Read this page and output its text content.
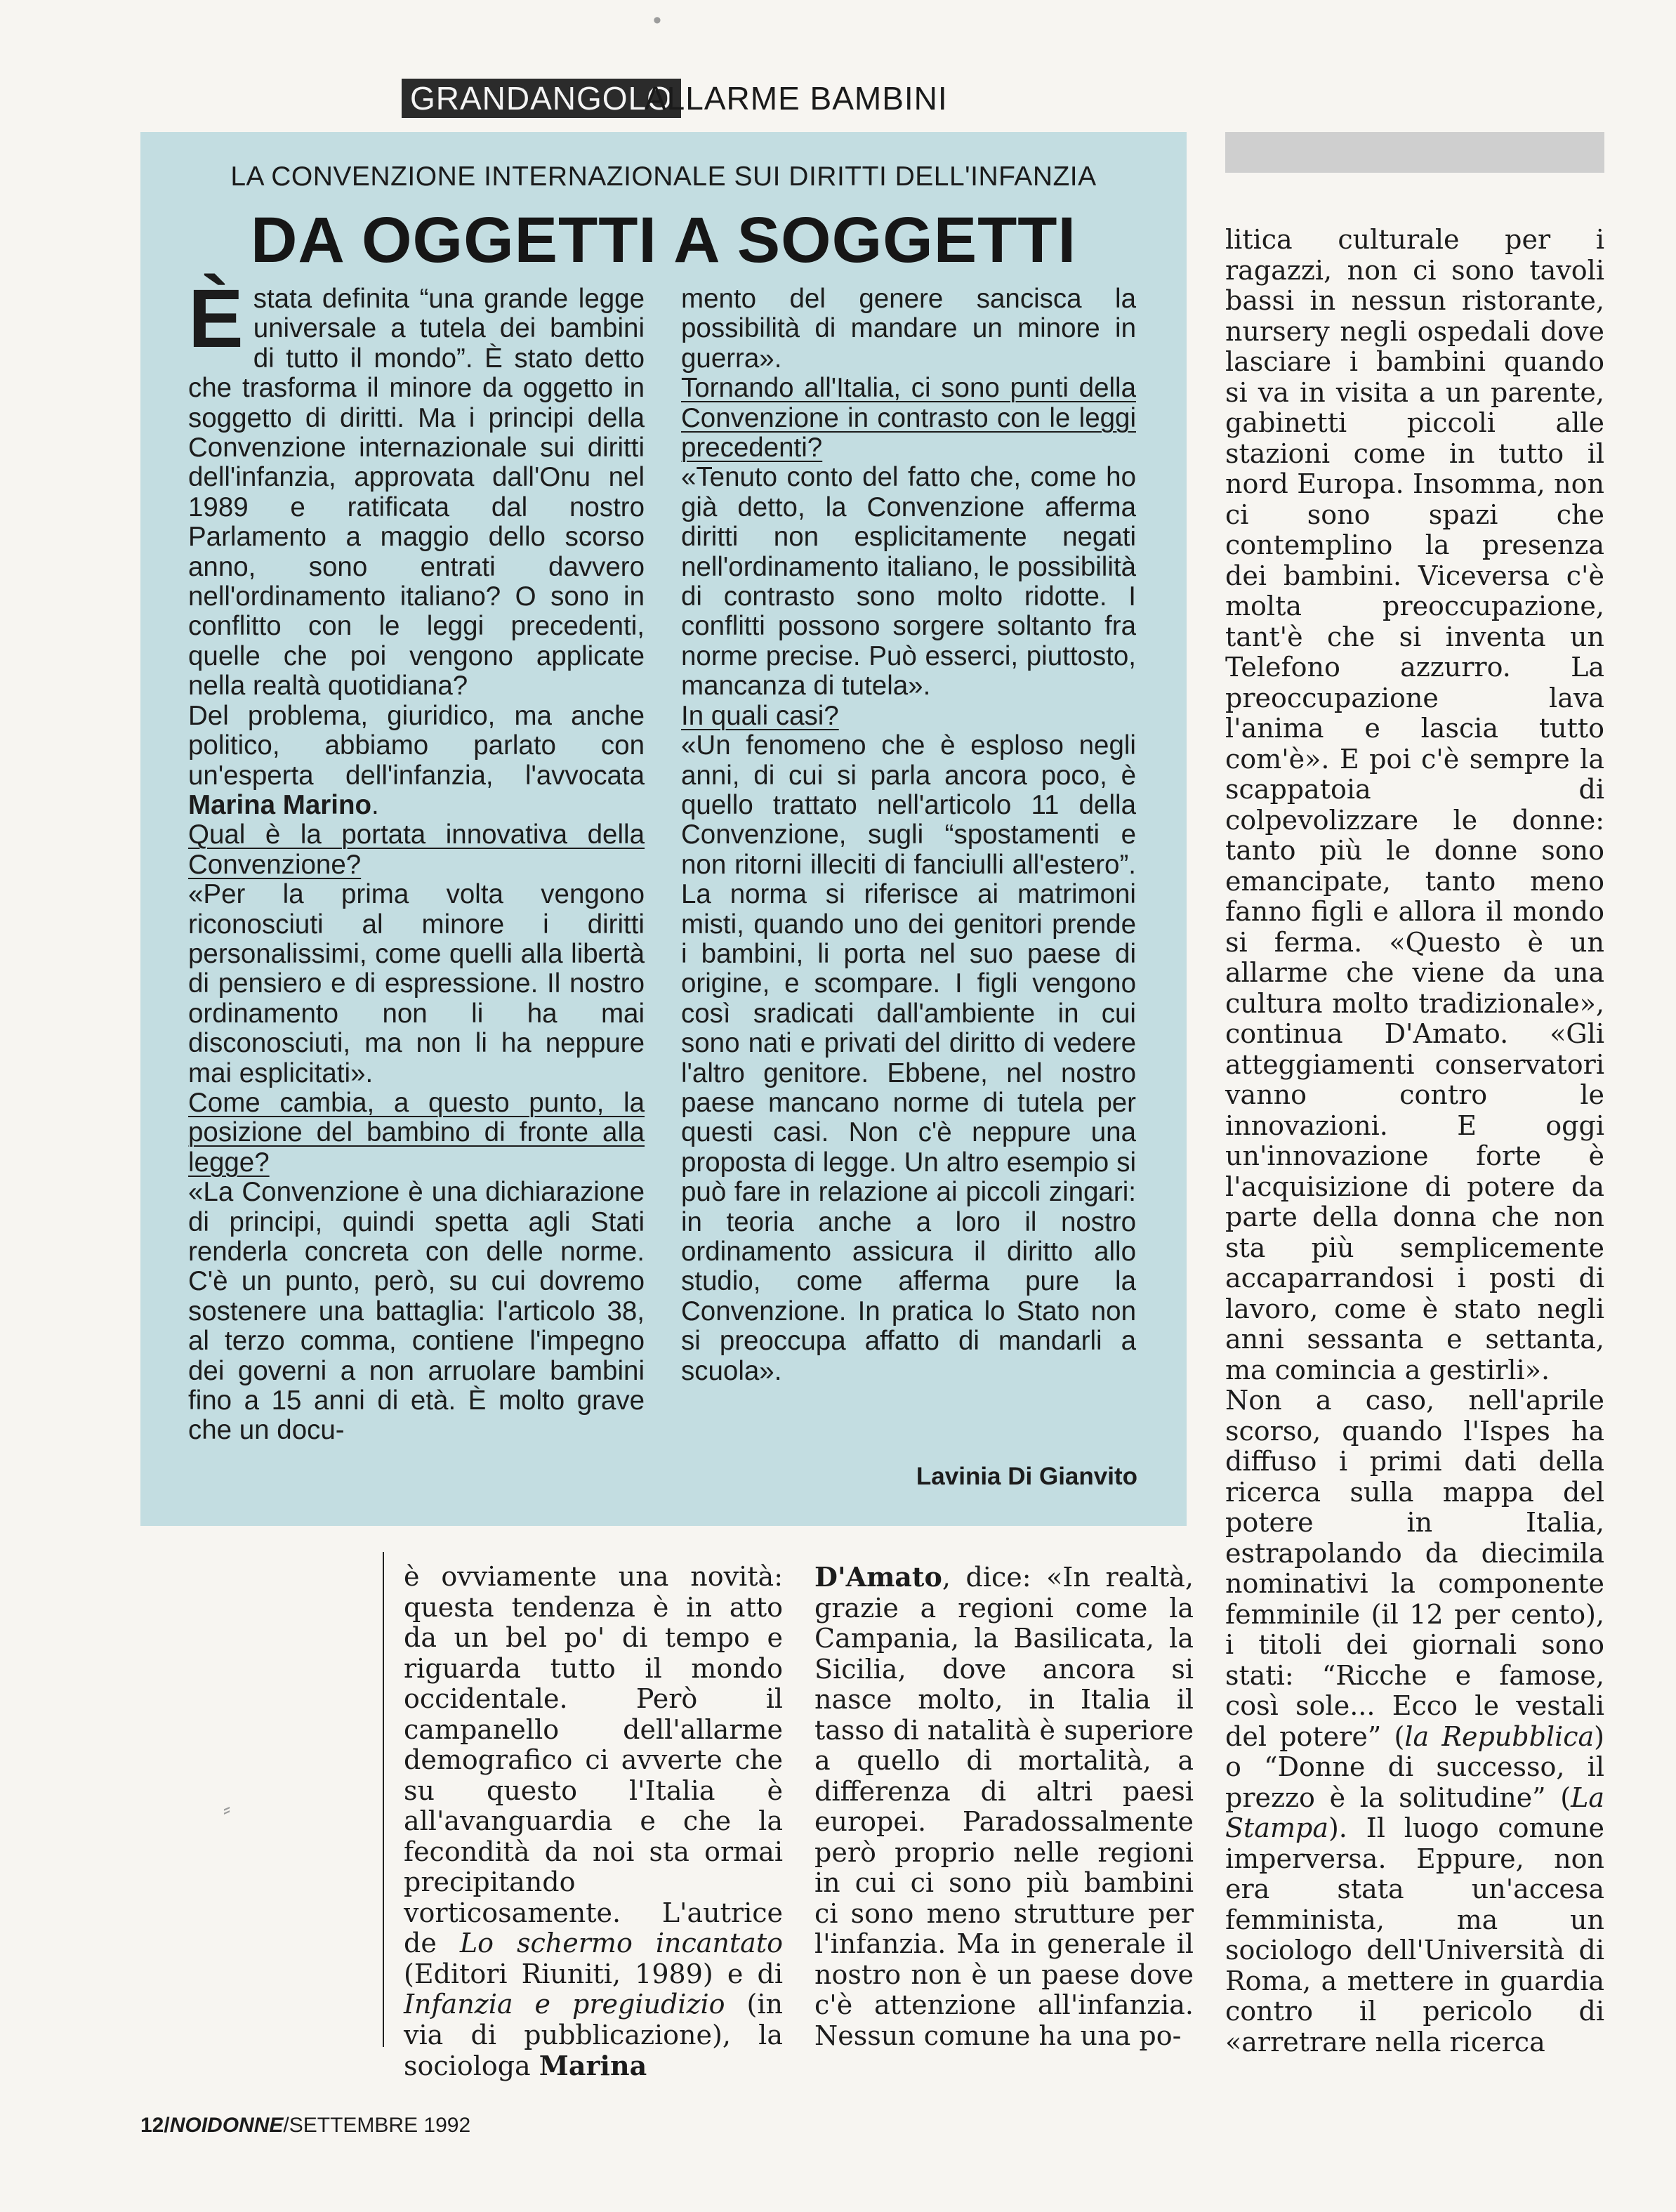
GRANDANGOLO
ALLARME BAMBINI
•
LA CONVENZIONE INTERNAZIONALE SUI DIRITTI DELL'INFANZIA
DA OGGETTI A SOGGETTI

Èstata definita “una grande legge universale a tutela dei bambini di tutto il mondo”. È stato detto che trasforma il minore da oggetto in soggetto di diritti. Ma i principi della Convenzione internazionale sui diritti dell'infanzia, approvata dall'Onu nel 1989 e ratificata dal nostro Parlamento a maggio dello scorso anno, sono entrati davvero nell'ordinamento italiano? O sono in conflitto con le leggi precedenti, quelle che poi vengono applicate nella realtà quotidiana?

Del problema, giuridico, ma anche politico, abbiamo parlato con un'esperta dell'infanzia, l'avvocata Marina Marino.

Qual è la portata innovativa della Convenzione?

«Per la prima volta vengono riconosciuti al minore i diritti personalissimi, come quelli alla libertà di pensiero e di espressione. Il nostro ordinamento non li ha mai disconosciuti, ma non li ha neppure mai esplicitati».

Come cambia, a questo punto, la posizione del bambino di fronte alla legge?

«La Convenzione è una dichiarazione di principi, quindi spetta agli Stati renderla concreta con delle norme. C'è un punto, però, su cui dovremo sostenere una battaglia: l'articolo 38, al terzo comma, contiene l'impegno dei governi a non arruolare bambini fino a 15 anni di età. È molto grave che un docu-

mento del genere sancisca la possibilità di mandare un minore in guerra».

Tornando all'Italia, ci sono punti della Convenzione in contrasto con le leggi precedenti?

«Tenuto conto del fatto che, come ho già detto, la Convenzione afferma diritti non esplicitamente negati nell'ordinamento italiano, le possibilità di contrasto sono molto ridotte. I conflitti possono sorgere soltanto fra norme precise. Può esserci, piuttosto, mancanza di tutela».

In quali casi?

«Un fenomeno che è esploso negli anni, di cui si parla ancora poco, è quello trattato nell'articolo 11 della Convenzione, sugli “spostamenti e non ritorni illeciti di fanciulli all'estero”. La norma si riferisce ai matrimoni misti, quando uno dei genitori prende i bambini, li porta nel suo paese di origine, e scompare. I figli vengono così sradicati dall'ambiente in cui sono nati e privati del diritto di vedere l'altro genitore. Ebbene, nel nostro paese mancano norme di tutela per questi casi. Non c'è neppure una proposta di legge. Un altro esempio si può fare in relazione ai piccoli zingari: in teoria anche a loro il nostro ordinamento assicura il diritto allo studio, come afferma pure la Convenzione. In pratica lo Stato non si preoccupa affatto di mandarli a scuola».

Lavinia Di Gianvito
⸗

è ovviamente una novità: questa tendenza è in atto da un bel po' di tempo e riguarda tutto il mondo occidentale. Però il campanello dell'allarme demografico ci avverte che su questo l'Italia è all'avanguardia e che la fecondità da noi sta ormai precipitando vorticosamente. L'autrice de Lo schermo incantato (Editori Riuniti, 1989) e di Infanzia e pregiudizio (in via di pubblicazione), la sociologa Marina

D'Amato, dice: «In realtà, grazie a regioni come la Campania, la Basilicata, la Sicilia, dove ancora si nasce molto, in Italia il tasso di natalità è superiore a quello di mortalità, a differenza di altri paesi europei. Paradossalmente però proprio nelle regioni in cui ci sono più bambini ci sono meno strutture per l'infanzia. Ma in generale il nostro non è un paese dove c'è attenzione all'infanzia. Nessun comune ha una po-

litica culturale per i ragazzi, non ci sono tavoli bassi in nessun ristorante, nursery negli ospedali dove lasciare i bambini quando si va in visita a un parente, gabinetti piccoli alle stazioni come in tutto il nord Europa. Insomma, non ci sono spazi che contemplino la presenza dei bambini. Viceversa c'è molta preoccupazione, tant'è che si inventa un Telefono azzurro. La preoccupazione lava l'anima e lascia tutto com'è». E poi c'è sempre la scappatoia di colpevolizzare le donne: tanto più le donne sono emancipate, tanto meno fanno figli e allora il mondo si ferma. «Questo è un allarme che viene da una cultura molto tradizionale», continua D'Amato. «Gli atteggiamenti conservatori vanno contro le innovazioni. E oggi un'innovazione forte è l'acquisizione di potere da parte della donna che non sta più semplicemente accaparrandosi i posti di lavoro, come è stato negli anni sessanta e settanta, ma comincia a gestirli».

Non a caso, nell'aprile scorso, quando l'Ispes ha diffuso i primi dati della ricerca sulla mappa del potere in Italia, estrapolando da diecimila nominativi la componente femminile (il 12 per cento), i titoli dei giornali sono stati: “Ricche e famose, così sole... Ecco le vestali del potere” (la Repubblica) o “Donne di successo, il prezzo è la solitudine” (La Stampa). Il luogo comune imperversa. Eppure, non era stata un'accesa femminista, ma un sociologo dell'Università di Roma, a mettere in guardia contro il pericolo di «arretrare nella ricerca

12/NOIDONNE/SETTEMBRE 1992
